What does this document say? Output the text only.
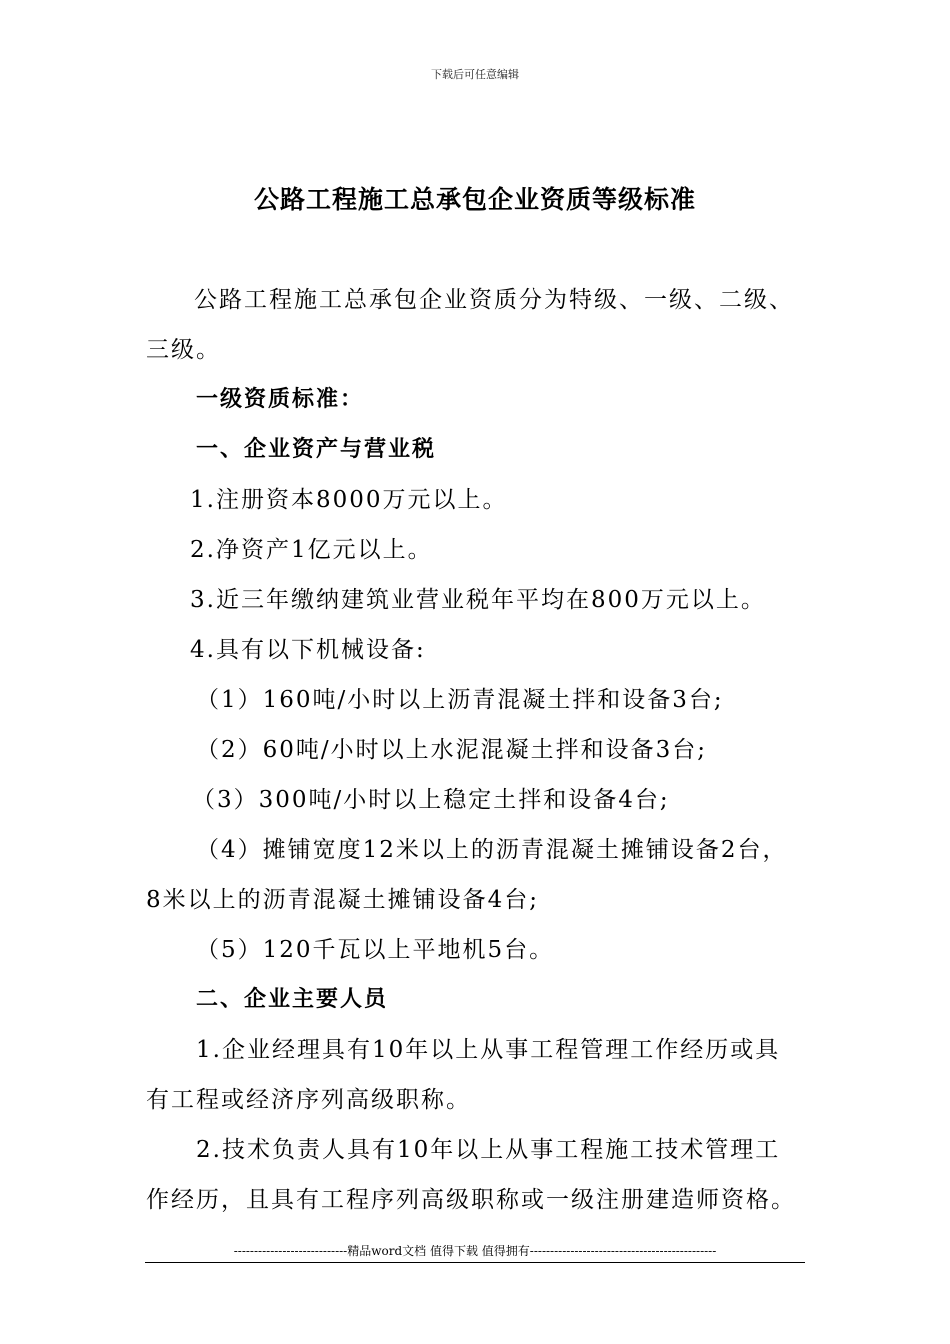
下载后可任意编辑
公路工程施工总承包企业资质等级标准
公路工程施工总承包企业资质分为特级、一级、二级、
三级。
一级资质标准：
一、企业资产与营业税
1.注册资本8000万元以上。
2.净资产1亿元以上。
3.近三年缴纳建筑业营业税年平均在800万元以上。
4.具有以下机械设备:
（1）160吨/小时以上沥青混凝土拌和设备3台;
（2）60吨/小时以上水泥混凝土拌和设备3台;
（3）300吨/小时以上稳定土拌和设备4台;
（4）摊铺宽度12米以上的沥青混凝土摊铺设备2台，
8米以上的沥青混凝土摊铺设备4台;
（5）120千瓦以上平地机5台。
二、企业主要人员
1.企业经理具有10年以上从事工程管理工作经历或具
有工程或经济序列高级职称。
2.技术负责人具有10年以上从事工程施工技术管理工
作经历，且具有工程序列高级职称或一级注册建造师资格。
----------------------------精品word文档 值得下载 值得拥有----------------------------------------------
